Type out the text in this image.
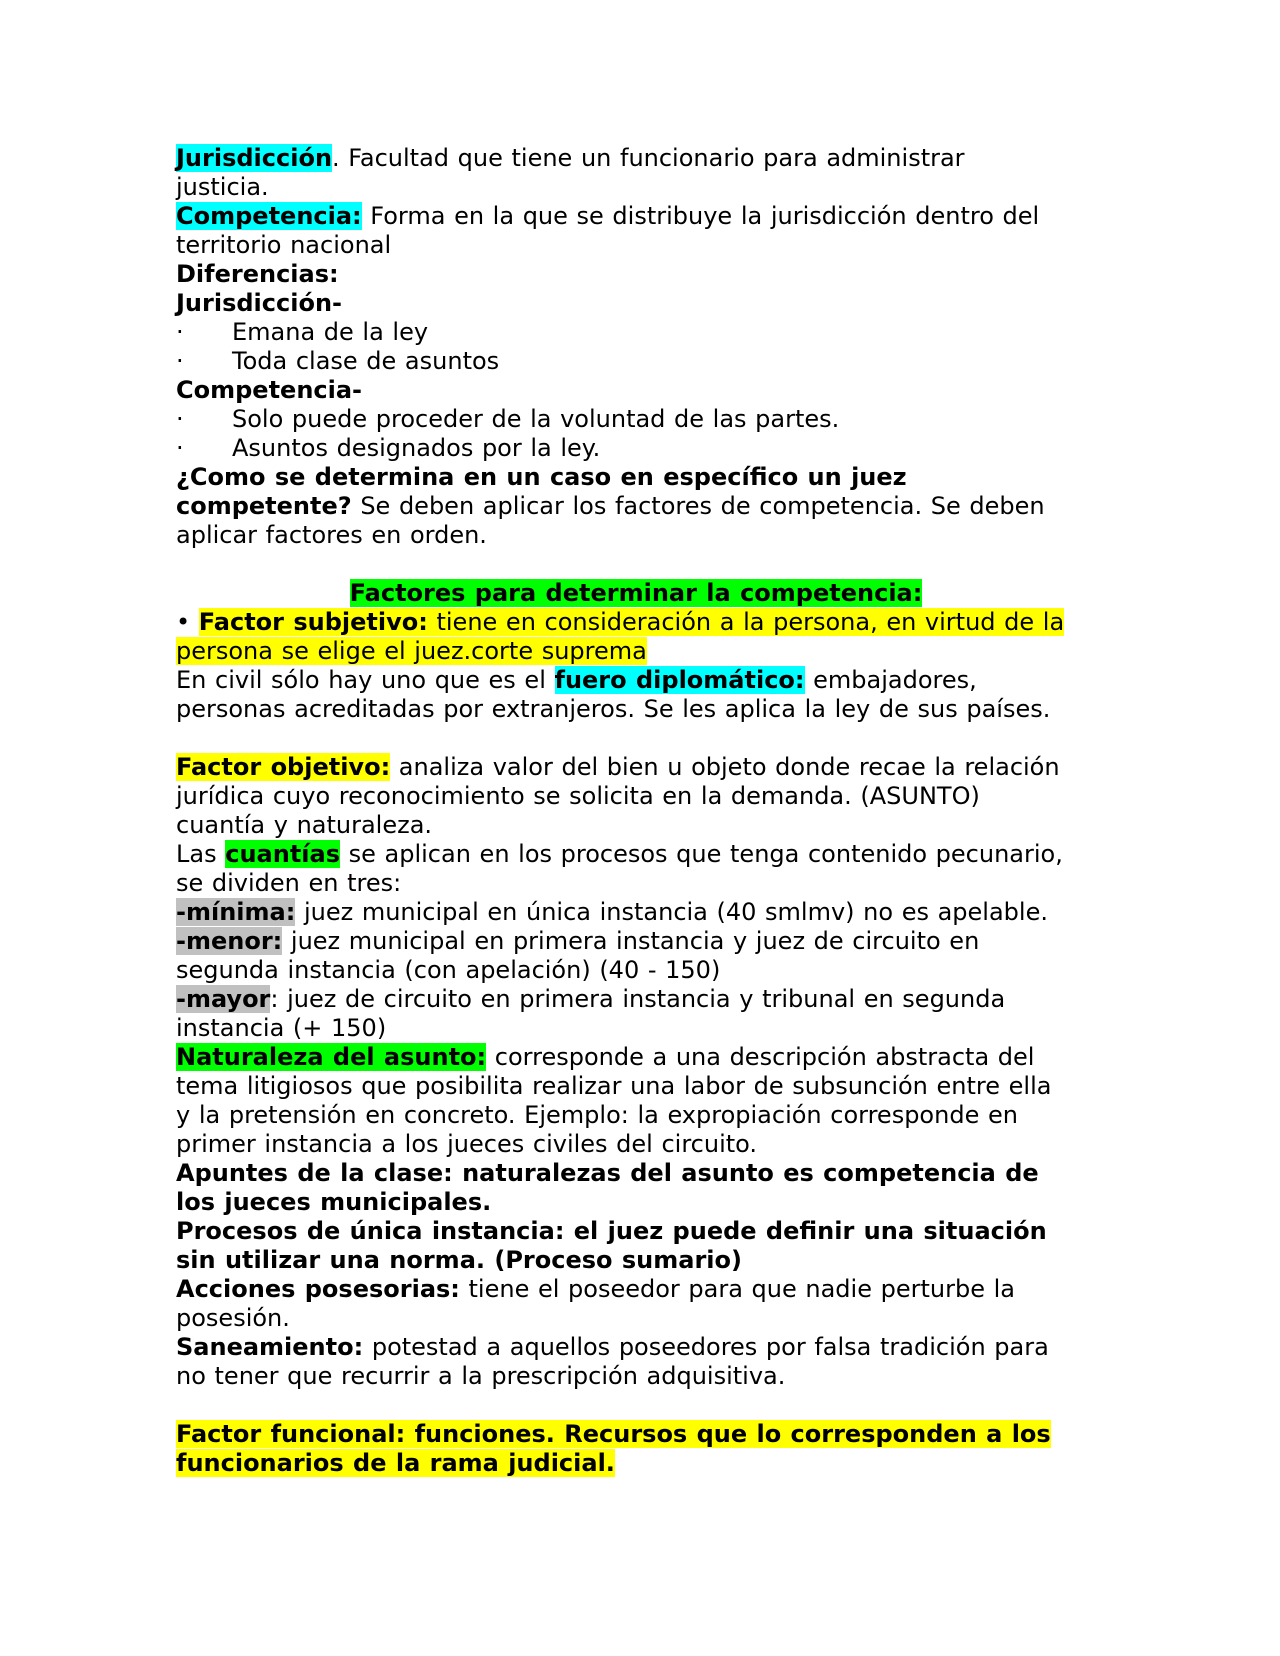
Jurisdicción. Facultad que tiene un funcionario para administrar
justicia.
Competencia: Forma en la que se distribuye la jurisdicción dentro del
territorio nacional
Diferencias:
Jurisdicción-
· Emana de la ley
· Toda clase de asuntos
Competencia-
· Solo puede proceder de la voluntad de las partes.
· Asuntos designados por la ley.
¿Como se determina en un caso en específico un juez
competente? Se deben aplicar los factores de competencia. Se deben
aplicar factores en orden.
Factores para determinar la competencia:
• Factor subjetivo: tiene en consideración a la persona, en virtud de la
persona se elige el juez.corte suprema
En civil sólo hay uno que es el fuero diplomático: embajadores,
personas acreditadas por extranjeros. Se les aplica la ley de sus países.
Factor objetivo: analiza valor del bien u objeto donde recae la relación
jurídica cuyo reconocimiento se solicita en la demanda. (ASUNTO)
cuantía y naturaleza.
Las cuantías se aplican en los procesos que tenga contenido pecunario,
se dividen en tres:
-mínima: juez municipal en única instancia (40 smlmv) no es apelable.
-menor: juez municipal en primera instancia y juez de circuito en
segunda instancia (con apelación) (40 - 150)
-mayor: juez de circuito en primera instancia y tribunal en segunda
instancia (+ 150)
Naturaleza del asunto: corresponde a una descripción abstracta del
tema litigiosos que posibilita realizar una labor de subsunción entre ella
y la pretensión en concreto. Ejemplo: la expropiación corresponde en
primer instancia a los jueces civiles del circuito.
Apuntes de la clase: naturalezas del asunto es competencia de
los jueces municipales.
Procesos de única instancia: el juez puede definir una situación
sin utilizar una norma. (Proceso sumario)
Acciones posesorias: tiene el poseedor para que nadie perturbe la
posesión.
Saneamiento: potestad a aquellos poseedores por falsa tradición para
no tener que recurrir a la prescripción adquisitiva.
Factor funcional: funciones. Recursos que lo corresponden a los
funcionarios de la rama judicial.
